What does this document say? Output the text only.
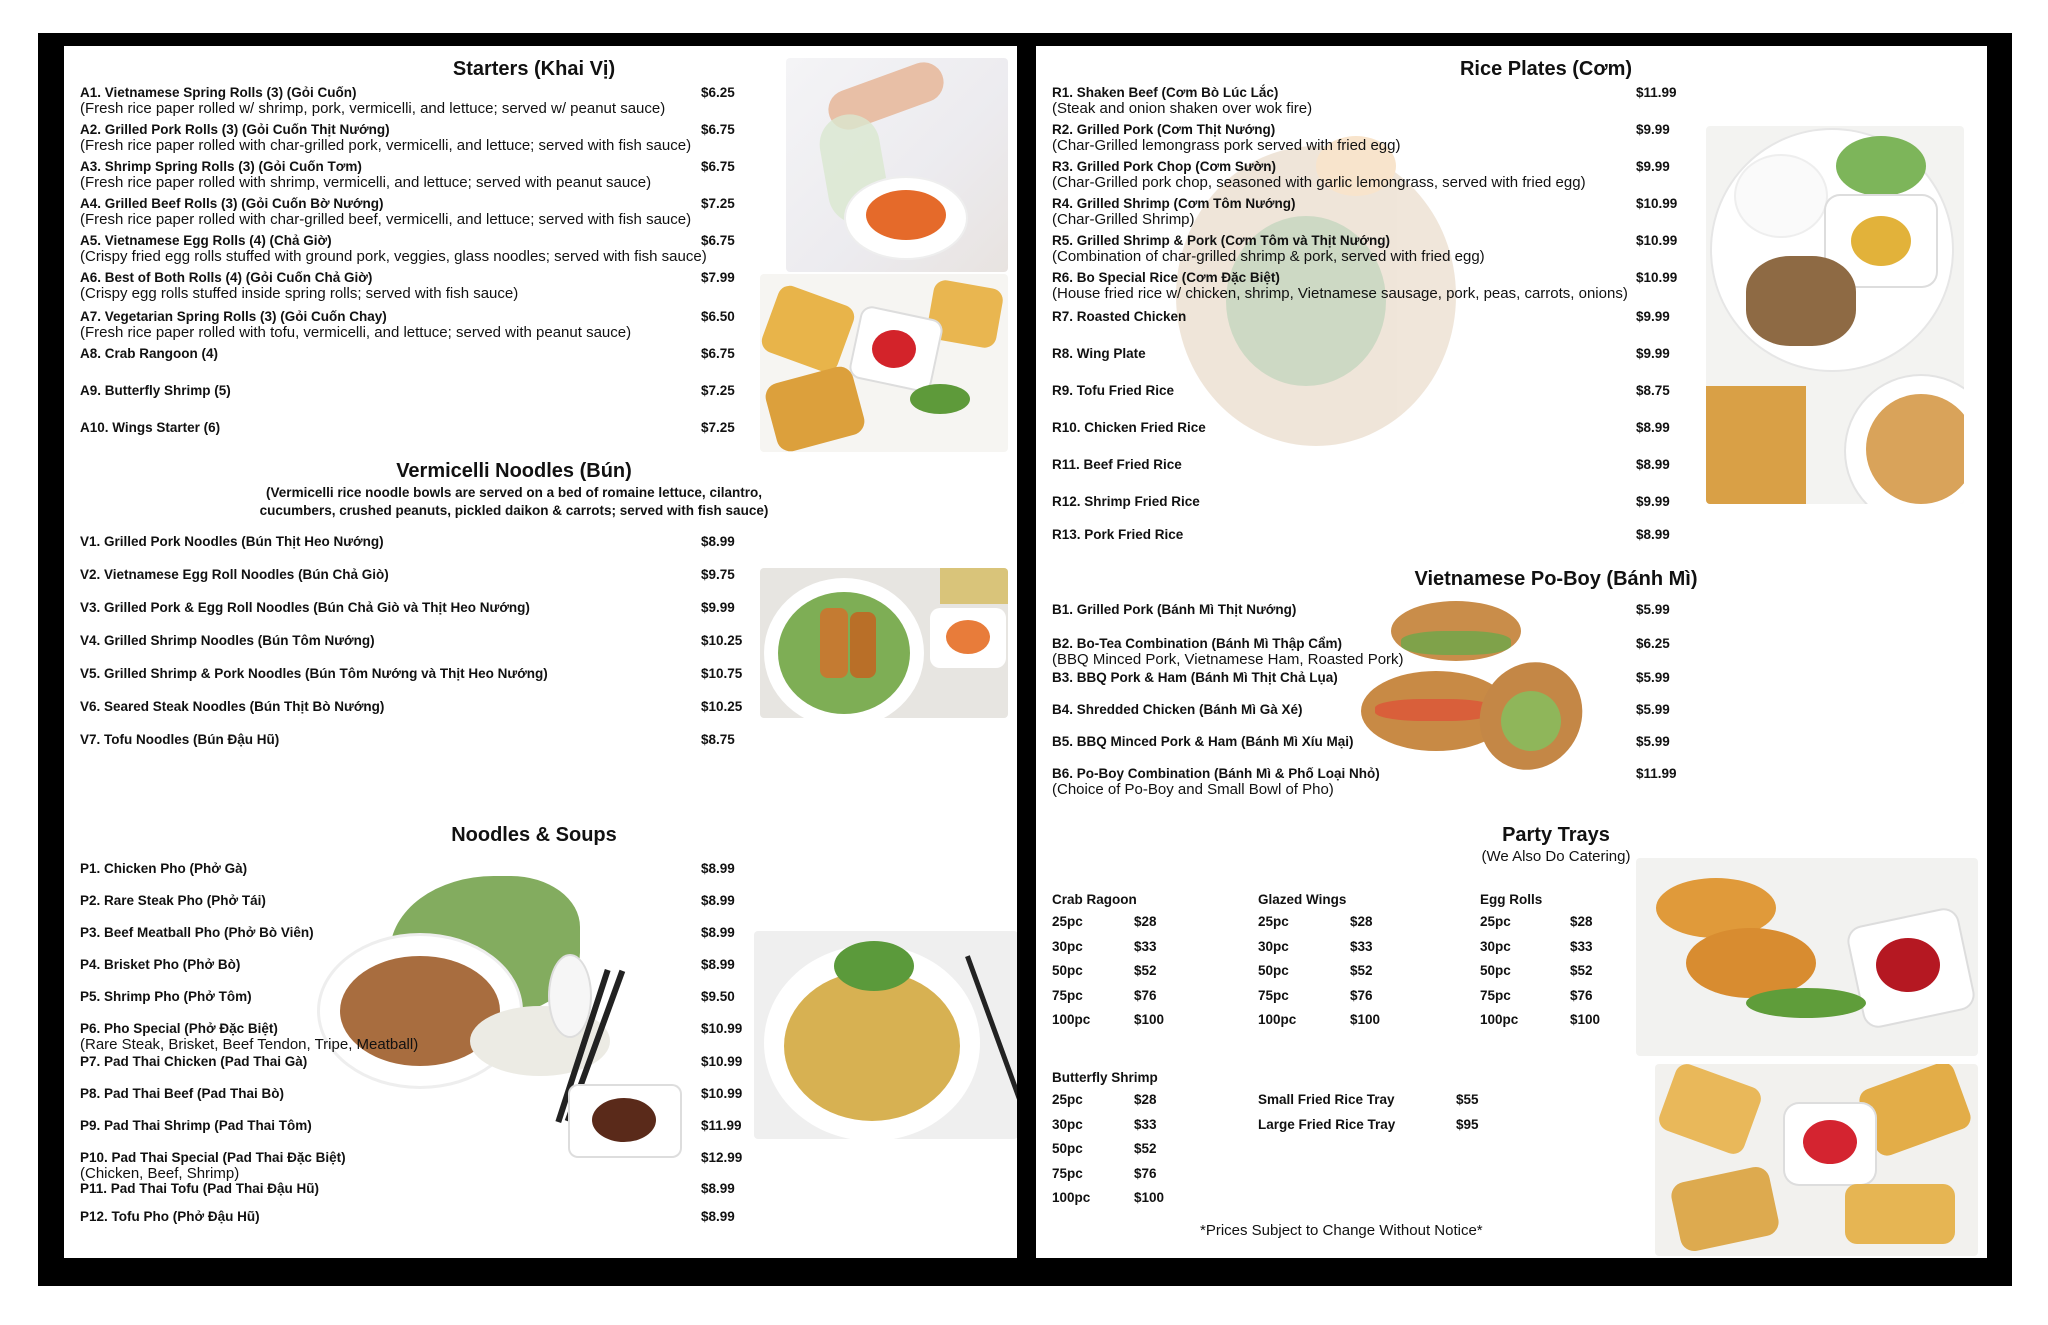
Starters (Khai Vị)
A1. Vietnamese Spring Rolls (3) (Gỏi Cuốn)
(Fresh rice paper rolled w/ shrimp, pork, vermicelli, and lettuce; served w/ peanut sauce)
$6.25
A2. Grilled Pork Rolls (3) (Gỏi Cuốn Thịt Nướng)
(Fresh rice paper rolled with char-grilled pork, vermicelli, and lettuce; served with fish sauce)
$6.75
A3. Shrimp Spring Rolls (3) (Gỏi Cuốn Tơm)
(Fresh rice paper rolled with shrimp, vermicelli, and lettuce; served with peanut sauce)
$6.75
A4. Grilled Beef Rolls (3) (Gỏi Cuốn Bờ Nướng)
(Fresh rice paper rolled with char-grilled beef, vermicelli, and lettuce; served with fish sauce)
$7.25
A5. Vietnamese Egg Rolls (4) (Chả Giờ)
(Crispy fried egg rolls stuffed with ground pork, veggies, glass noodles; served with fish sauce)
$6.75
A6. Best of Both Rolls (4) (Gỏi Cuốn Chả Giờ)
(Crispy egg rolls stuffed inside spring rolls; served with fish sauce)
$7.99
A7. Vegetarian Spring Rolls (3) (Gỏi Cuốn Chay)
(Fresh rice paper rolled with tofu, vermicelli, and lettuce; served with peanut sauce)
$6.50
A8. Crab Rangoon (4)	$6.75
A9. Butterfly Shrimp (5)	$7.25
A10. Wings Starter (6)	$7.25
Vermicelli Noodles (Bún)
(Vermicelli rice noodle bowls are served on a bed of romaine lettuce, cilantro,
cucumbers, crushed peanuts, pickled daikon & carrots; served with fish sauce)
V1. Grilled Pork Noodles (Bún Thịt Heo Nướng)	$8.99
V2. Vietnamese Egg Roll Noodles (Bún Chả Giò)	$9.75
V3. Grilled Pork & Egg Roll Noodles (Bún Chả Giò và Thịt Heo Nướng)	$9.99
V4. Grilled Shrimp Noodles (Bún Tôm Nướng)	$10.25
V5. Grilled Shrimp & Pork Noodles (Bún Tôm Nướng và Thịt Heo Nướng)	$10.75
V6. Seared Steak Noodles (Bún Thịt Bò Nướng)	$10.25
V7. Tofu Noodles (Bún Đậu Hũ)	$8.75
Noodles & Soups
P1. Chicken Pho (Phở Gà)	$8.99
P2. Rare Steak Pho (Phở Tái)	$8.99
P3. Beef Meatball Pho (Phở Bò Viên)	$8.99
P4. Brisket Pho (Phở Bò)	$8.99
P5. Shrimp Pho (Phở Tôm)	$9.50
P6. Pho Special (Phở Đặc Biệt)
(Rare Steak, Brisket, Beef Tendon, Tripe, Meatball)
$10.99
P7. Pad Thai Chicken (Pad Thai Gà)	$10.99
P8. Pad Thai Beef (Pad Thai Bò)	$10.99
P9. Pad Thai Shrimp (Pad Thai Tôm)	$11.99
P10. Pad Thai Special (Pad Thai Đặc Biệt)
(Chicken, Beef, Shrimp)
$12.99
P11. Pad Thai Tofu (Pad Thai Đậu Hũ)	$8.99
P12. Tofu Pho (Phở Đậu Hũ)	$8.99
Rice Plates (Cơm)
R1. Shaken Beef (Cơm Bò Lúc Lắc)
(Steak and onion shaken over wok fire)
$11.99
R2. Grilled Pork (Cơm Thịt Nướng)
(Char-Grilled lemongrass pork served with fried egg)
$9.99
R3. Grilled Pork Chop (Cơm Sườn)
(Char-Grilled pork chop, seasoned with garlic lemongrass, served with fried egg)
$9.99
R4. Grilled Shrimp (Cơm Tôm Nướng)
(Char-Grilled Shrimp)
$10.99
R5. Grilled Shrimp & Pork (Cơm Tôm và Thịt Nướng)
(Combination of char-grilled shrimp & pork, served with fried egg)
$10.99
R6. Bo Special Rice (Cơm Đặc Biệt)
(House fried rice w/ chicken, shrimp, Vietnamese sausage, pork, peas, carrots, onions)
$10.99
R7. Roasted Chicken	$9.99
R8. Wing Plate	$9.99
R9. Tofu Fried Rice	$8.75
R10. Chicken Fried Rice	$8.99
R11. Beef Fried Rice	$8.99
R12. Shrimp Fried Rice	$9.99
R13. Pork Fried Rice	$8.99
Vietnamese Po-Boy (Bánh Mì)
B1. Grilled Pork (Bánh Mì Thịt Nướng)	$5.99
B2. Bo-Tea Combination (Bánh Mì Thập Cẩm)
(BBQ Minced Pork, Vietnamese Ham, Roasted Pork)
$6.25
B3. BBQ Pork & Ham (Bánh Mì Thịt Chả Lụa)	$5.99
B4. Shredded Chicken (Bánh Mì Gà Xé)	$5.99
B5. BBQ Minced Pork & Ham (Bánh Mì Xíu Mại)	$5.99
B6. Po-Boy Combination (Bánh Mì & Phố Loại Nhỏ)
(Choice of Po-Boy and Small Bowl of Pho)
$11.99
Party Trays
(We Also Do Catering)
Crab Ragoon
25pc	$28
30pc	$33
50pc	$52
75pc	$76
100pc	$100
Glazed Wings
25pc	$28
30pc	$33
50pc	$52
75pc	$76
100pc	$100
Egg Rolls
25pc	$28
30pc	$33
50pc	$52
75pc	$76
100pc	$100
Butterfly Shrimp
25pc	$28
30pc	$33
50pc	$52
75pc	$76
100pc	$100
Small Fried Rice Tray	$55
Large Fried Rice Tray	$95
*Prices Subject to Change Without Notice*
